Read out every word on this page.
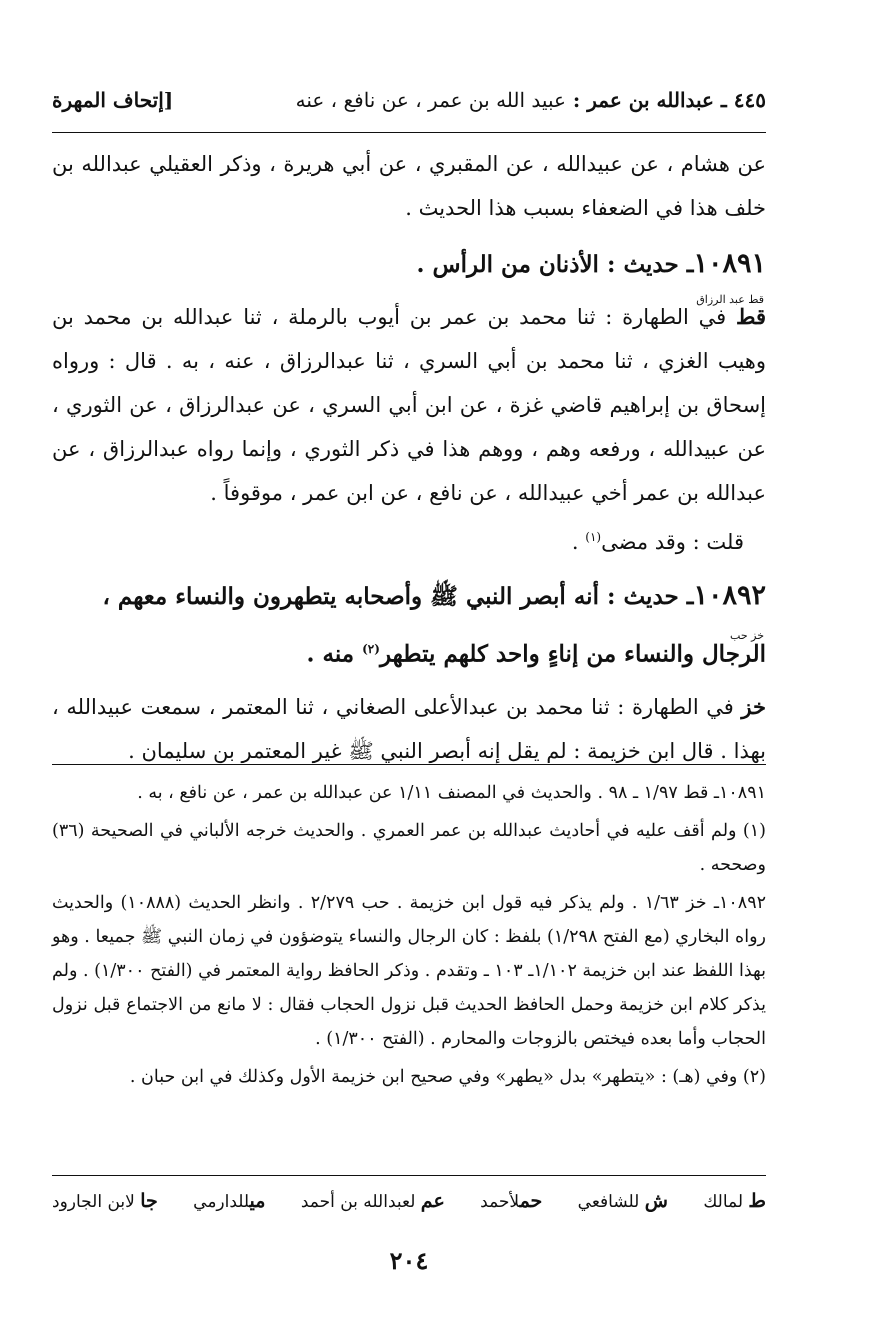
٤٤٥ ـ عبدالله بن عمر : عبيد الله بن عمر ، عن نافع ، عنه
[إتحاف المهرة

عن هشام ، عن عبيدالله ، عن المقبري ، عن أبي هريرة ، وذكر العقيلي عبدالله بن

خلف هذا في الضعفاء بسبب هذا الحديث .

١٠٨٩١ـ حديث : الأذنان من الرأس .
قط عبد الرزاق

قط في الطهارة : ثنا محمد بن عمر بن أيوب بالرملة ، ثنا عبدالله بن محمد بن وهيب الغزي ، ثنا محمد بن أبي السري ، ثنا عبدالرزاق ، عنه ، به . قال : ورواه إسحاق بن إبراهيم قاضي غزة ، عن ابن أبي السري ، عن عبدالرزاق ، عن الثوري ، عن عبيدالله ، ورفعه وهم ، ووهم هذا في ذكر الثوري ، وإنما رواه عبدالرزاق ، عن عبدالله بن عمر أخي عبيدالله ، عن نافع ، عن ابن عمر ، موقوفاً .

قلت : وقد مضى$^{(١)}$ .

١٠٨٩٢ـ حديث : أنه أبصر النبي ﷺ وأصحابه يتطهرون والنساء معهم ،
خز حب
الرجال والنساء من إناءٍ واحد كلهم يتطهر$^{(٢)}$ منه .

خز في الطهارة : ثنا محمد بن عبدالأعلى الصغاني ، ثنا المعتمر ، سمعت عبيدالله ، بهذا . قال ابن خزيمة : لم يقل إنه أبصر النبي ﷺ غير المعتمر بن سليمان .

١٠٨٩١ـ قط ١/٩٧ ـ ٩٨ . والحديث في المصنف ١/١١ عن عبدالله بن عمر ، عن نافع ، به .

(١) ولم أقف عليه في أحاديث عبدالله بن عمر العمري . والحديث خرجه الألباني في الصحيحة (٣٦) وصححه .

١٠٨٩٢ـ خز ١/٦٣ . ولم يذكر فيه قول ابن خزيمة . حب ٢/٢٧٩ . وانظر الحديث (١٠٨٨٨) والحديث رواه البخاري (مع الفتح ١/٢٩٨) بلفظ : كان الرجال والنساء يتوضؤون في زمان النبي ﷺ جميعا . وهو بهذا اللفظ عند ابن خزيمة ١/١٠٢ـ ١٠٣ ـ وتقدم . وذكر الحافظ رواية المعتمر في (الفتح ١/٣٠٠) . ولم يذكر كلام ابن خزيمة وحمل الحافظ الحديث قبل نزول الحجاب فقال : لا مانع من الاجتماع قبل نزول الحجاب وأما بعده فيختص بالزوجات والمحارم . (الفتح ١/٣٠٠) .

(٢) وفي (هـ) : «يتطهر» بدل «يطهر» وفي صحيح ابن خزيمة الأول وكذلك في ابن حبان .

ط لمالك
ش للشافعي
حملأحمد
عم لعبدالله بن أحمد
ميللدارمي
جا لابن الجارود
٢٠٤
